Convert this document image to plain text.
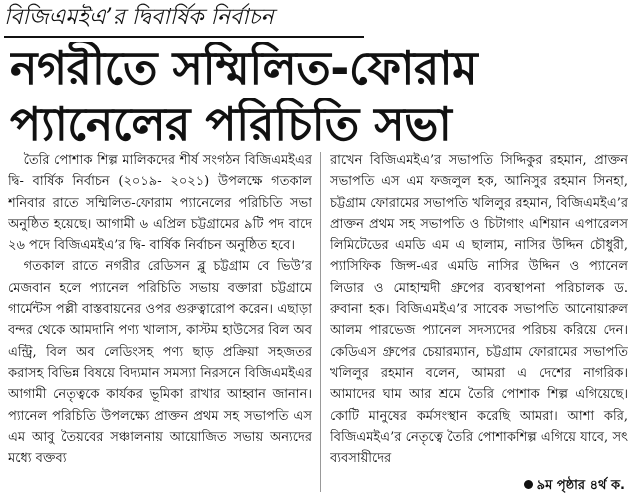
বিজিএমইএ’র দ্বিবার্ষিক নির্বাচন
নগরীতে সম্মিলিত-ফোরাম
প্যানেলের পরিচিতি সভা

তৈরি পোশাক শিল্প মালিকদের শীর্ষ সংগঠন বিজিএমইএর দ্বি- বার্ষিক নির্বাচন (২০১৯- ২০২১) উপলক্ষে গতকাল শনিবার রাতে সম্মিলিত-ফোরাম প্যানেলের পরিচিতি সভা অনুষ্ঠিত হয়েছে। আগামী ৬ এপ্রিল চট্টগ্রামের ৯টি পদ বাদে ২৬ পদে বিজিএমইএ’র দ্বি- বার্ষিক নির্বাচন অনুষ্ঠিত হবে।

গতকাল রাতে নগরীর রেডিসন ব্লু চট্টগ্রাম বে ভিউ’র মেজবান হলে প্যানেল পরিচিতি সভায় বক্তারা চট্টগ্রামে গার্মেন্টস পল্লী বাস্তবায়নের ওপর গুরুত্বারোপ করেন। এছাড়া বন্দর থেকে আমদানি পণ্য খালাস, কাস্টম হাউসের বিল অব এন্ট্রি, বিল অব লেডিংসহ পণ্য ছাড় প্রক্রিয়া সহজতর করাসহ বিভিন্ন বিষয়ে বিদ্যমান সমস্যা নিরসনে বিজিএমইএর আগামী নেতৃত্বকে কার্যকর ভূমিকা রাখার আহ্বান জানান। প্যানেল পরিচিতি উপলক্ষ্যে প্রাক্তন প্রথম সহ সভাপতি এস এম আবু তৈয়বের সঞ্চালনায় আয়োজিত সভায় অন্যদের মধ্যে বক্তব্য

রাখেন বিজিএমইএ’র সভাপতি সিদ্দিকুর রহমান, প্রাক্তন সভাপতি এস এম ফজলুল হক, আনিসুর রহমান সিনহা, চট্টগ্রাম ফোরামের সভাপতি খলিলুর রহমান, বিজিএমইএ’র প্রাক্তন প্রথম সহ সভাপতি ও চিটাগাং এশিয়ান এপারেলস লিমিটেডের এমডি এম এ ছালাম, নাসির উদ্দিন চৌধুরী, প্যাসিফিক জিন্স-এর এমডি নাসির উদ্দিন ও প্যানেল লিডার ও মোহাম্মদী গ্রুপের ব্যবস্থাপনা পরিচালক ড. রুবানা হক। বিজিএমইএ’র সাবেক সভাপতি আনোয়ারুল আলম পারভেজ প্যানেল সদস্যদের পরিচয় করিয়ে দেন। কেডিএস গ্রুপের চেয়ারম্যান, চট্টগ্রাম ফোরামের সভাপতি খলিলুর রহমান বলেন, আমরা এ দেশের নাগরিক। আমাদের ঘাম আর শ্রমে তৈরি পোশাক শিল্প এগিয়েছে। কোটি মানুষের কর্মসংস্থান করেছি আমরা। আশা করি, বিজিএমইএ’র নেতৃত্বে তৈরি পোশাকশিল্প এগিয়ে যাবে, সৎ ব্যবসায়ীদের

৯ম পৃষ্ঠার ৪র্থ ক.
